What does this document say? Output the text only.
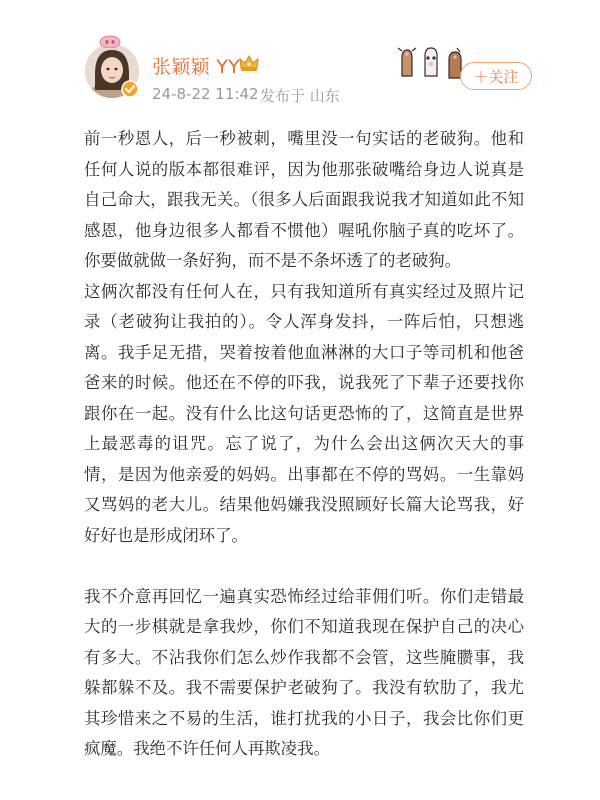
张颖颖 YY
24-8-22 11:42 发布于 山东
＋关注

前一秒恩人，后一秒被刺，嘴里没一句实话的老破狗。他和任何人说的版本都很难评，因为他那张破嘴给身边人说真是自己命大，跟我无关。（很多人后面跟我说我才知道如此不知感恩，他身边很多人都看不惯他）喔吼你脑子真的吃坏了。你要做就做一条好狗，而不是不条坏透了的老破狗。

这俩次都没有任何人在，只有我知道所有真实经过及照片记录（老破狗让我拍的）。令人浑身发抖，一阵后怕，只想逃离。我手足无措，哭着按着他血淋淋的大口子等司机和他爸爸来的时候。他还在不停的吓我，说我死了下辈子还要找你跟你在一起。没有什么比这句话更恐怖的了，这简直是世界上最恶毒的诅咒。忘了说了，为什么会出这俩次天大的事情，是因为他亲爱的妈妈。出事都在不停的骂妈。一生靠妈又骂妈的老大儿。结果他妈嫌我没照顾好长篇大论骂我，好好好也是形成闭环了。

我不介意再回忆一遍真实恐怖经过给菲佣们听。你们走错最大的一步棋就是拿我炒，你们不知道我现在保护自己的决心有多大。不沾我你们怎么炒作我都不会管，这些腌臜事，我躲都躲不及。我不需要保护老破狗了。我没有软肋了，我尤其珍惜来之不易的生活，谁打扰我的小日子，我会比你们更疯魔。我绝不许任何人再欺凌我。
